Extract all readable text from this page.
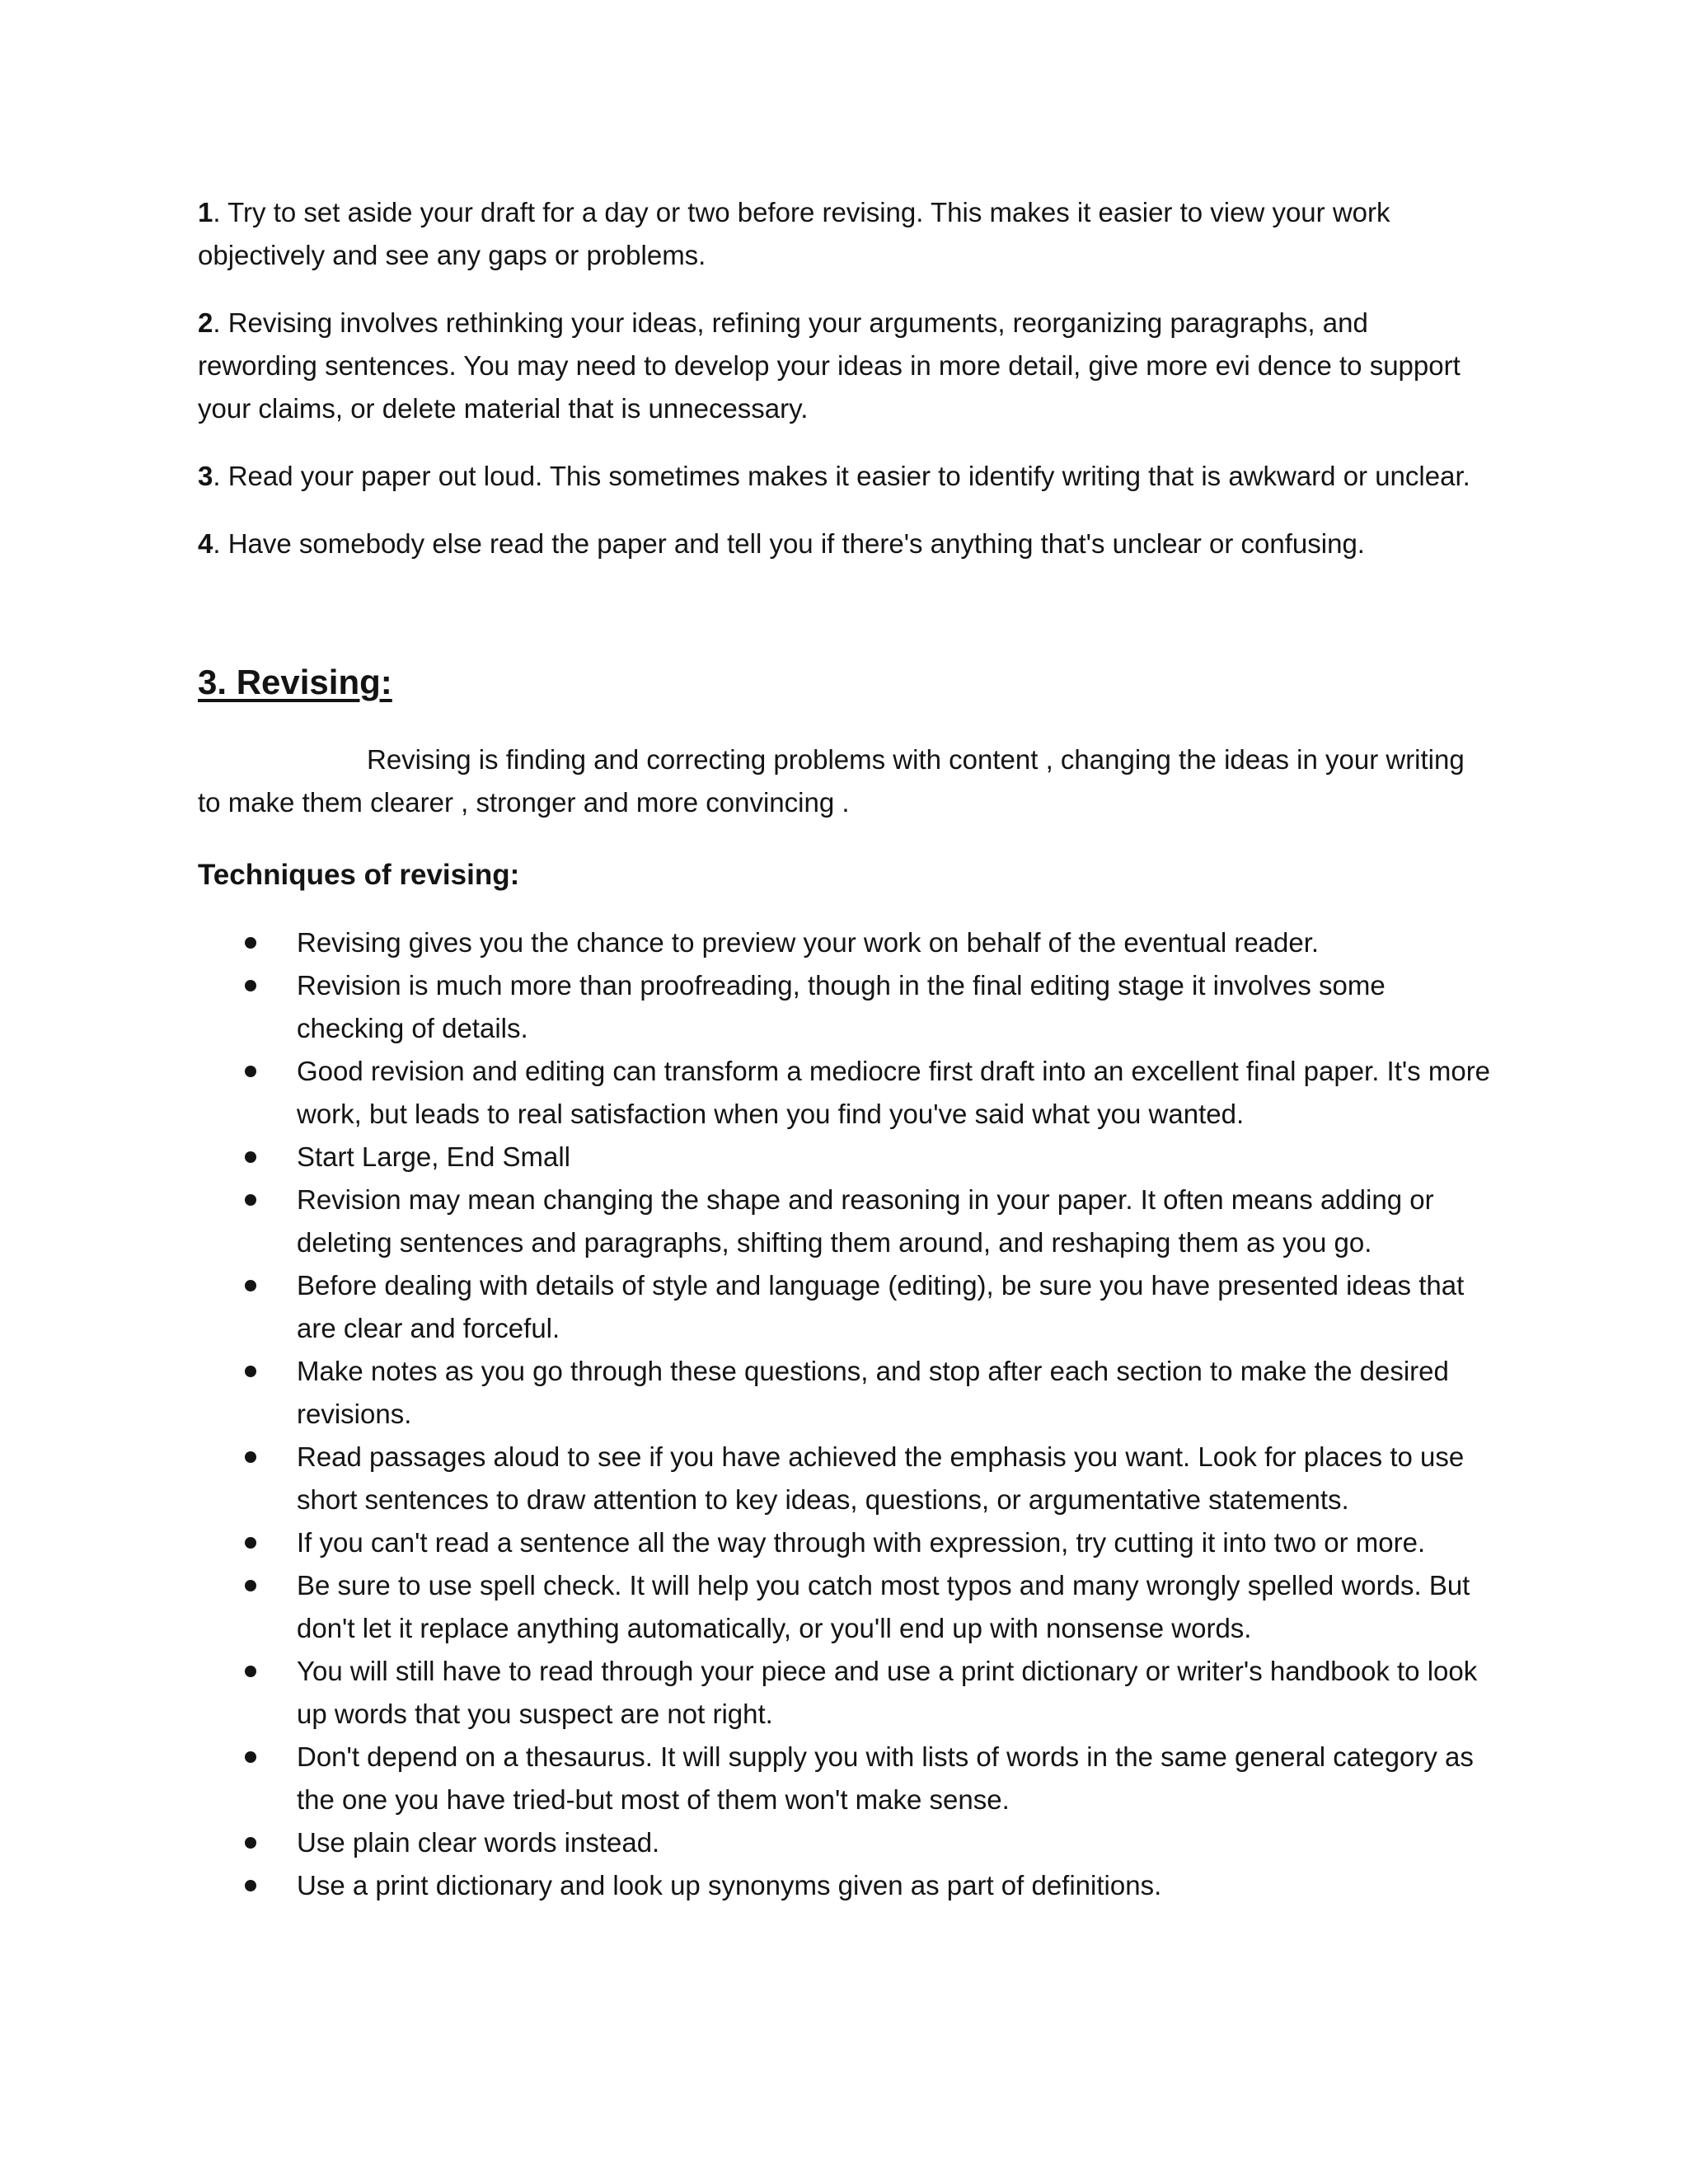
1. Try to set aside your draft for a day or two before revising. This makes it easier to view your work objectively and see any gaps or problems.

2. Revising involves rethinking your ideas, refining your arguments, reorganizing paragraphs, and rewording sentences. You may need to develop your ideas in more detail, give more evi dence to support your claims, or delete material that is unnecessary.

3. Read your paper out loud. This sometimes makes it easier to identify writing that is awkward or unclear.

4. Have somebody else read the paper and tell you if there's anything that's unclear or confusing.

3. Revising:

Revising is finding and correcting problems with content , changing the ideas in your writing to make them clearer , stronger and more convincing .

Techniques of revising:
Revising gives you the chance to preview your work on behalf of the eventual reader.
Revision is much more than proofreading, though in the final editing stage it involves some checking of details.
Good revision and editing can transform a mediocre first draft into an excellent final paper. It's more work, but leads to real satisfaction when you find you've said what you wanted.
Start Large, End Small
Revision may mean changing the shape and reasoning in your paper. It often means adding or deleting sentences and paragraphs, shifting them around, and reshaping them as you go.
Before dealing with details of style and language (editing), be sure you have presented ideas that are clear and forceful.
Make notes as you go through these questions, and stop after each section to make the desired revisions.
Read passages aloud to see if you have achieved the emphasis you want. Look for places to use short sentences to draw attention to key ideas, questions, or argumentative statements.
If you can't read a sentence all the way through with expression, try cutting it into two or more.
Be sure to use spell check. It will help you catch most typos and many wrongly spelled words. But don't let it replace anything automatically, or you'll end up with nonsense words.
You will still have to read through your piece and use a print dictionary or writer's handbook to look up words that you suspect are not right.
Don't depend on a thesaurus. It will supply you with lists of words in the same general category as the one you have tried-but most of them won't make sense.
Use plain clear words instead.
Use a print dictionary and look up synonyms given as part of definitions.
